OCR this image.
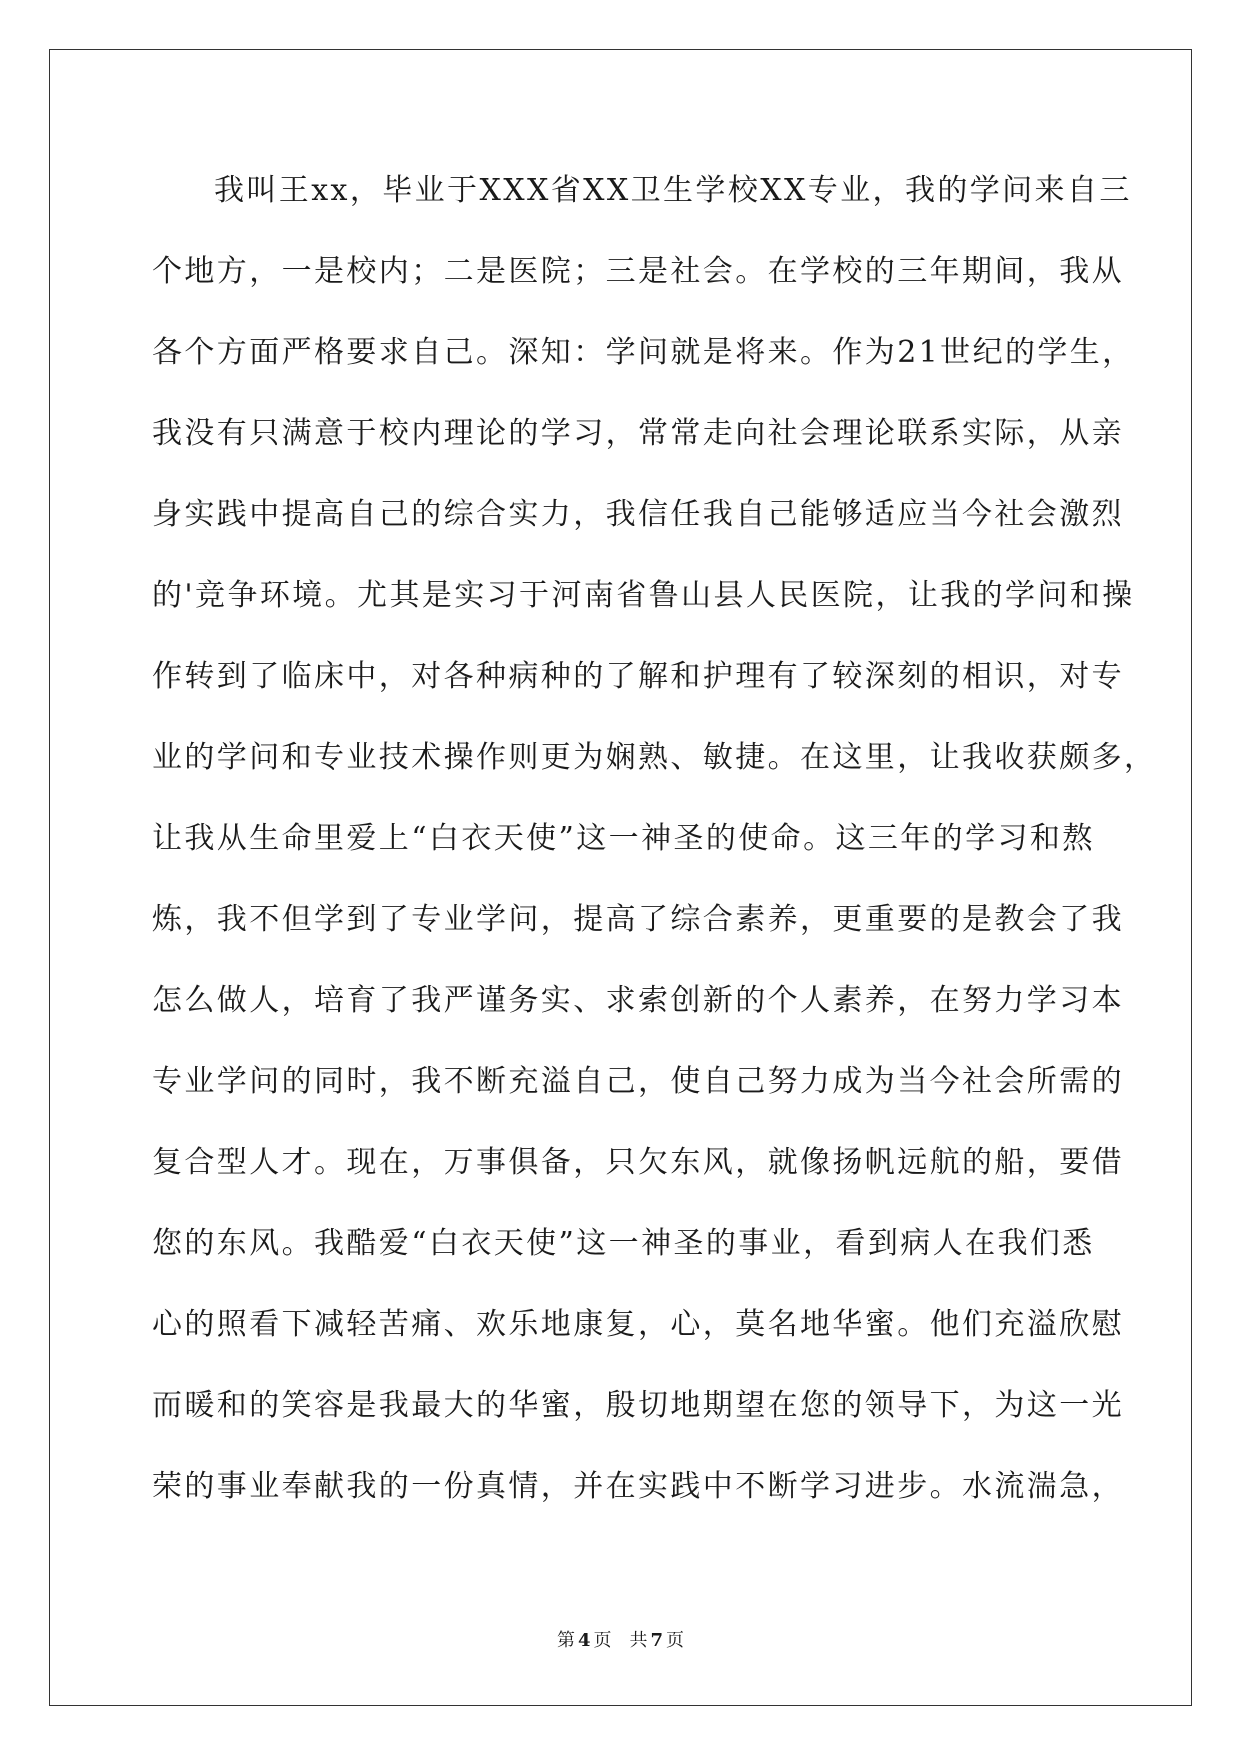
我叫王xx，毕业于XXX省XX卫生学校XX专业，我的学问来自三
个地方，一是校内；二是医院；三是社会。在学校的三年期间，我从
各个方面严格要求自己。深知：学问就是将来。作为21世纪的学生，
我没有只满意于校内理论的学习，常常走向社会理论联系实际，从亲
身实践中提高自己的综合实力，我信任我自己能够适应当今社会激烈
的'竞争环境。尤其是实习于河南省鲁山县人民医院，让我的学问和操
作转到了临床中，对各种病种的了解和护理有了较深刻的相识，对专
业的学问和专业技术操作则更为娴熟、敏捷。在这里，让我收获颇多，
让我从生命里爱上“白衣天使”这一神圣的使命。这三年的学习和熬
炼，我不但学到了专业学问，提高了综合素养，更重要的是教会了我
怎么做人，培育了我严谨务实、求索创新的个人素养，在努力学习本
专业学问的同时，我不断充溢自己，使自己努力成为当今社会所需的
复合型人才。现在，万事俱备，只欠东风，就像扬帆远航的船，要借
您的东风。我酷爱“白衣天使”这一神圣的事业，看到病人在我们悉
心的照看下减轻苦痛、欢乐地康复，心，莫名地华蜜。他们充溢欣慰
而暖和的笑容是我最大的华蜜，殷切地期望在您的领导下，为这一光
荣的事业奉献我的一份真情，并在实践中不断学习进步。水流湍急，
第 4 页 共 7 页
